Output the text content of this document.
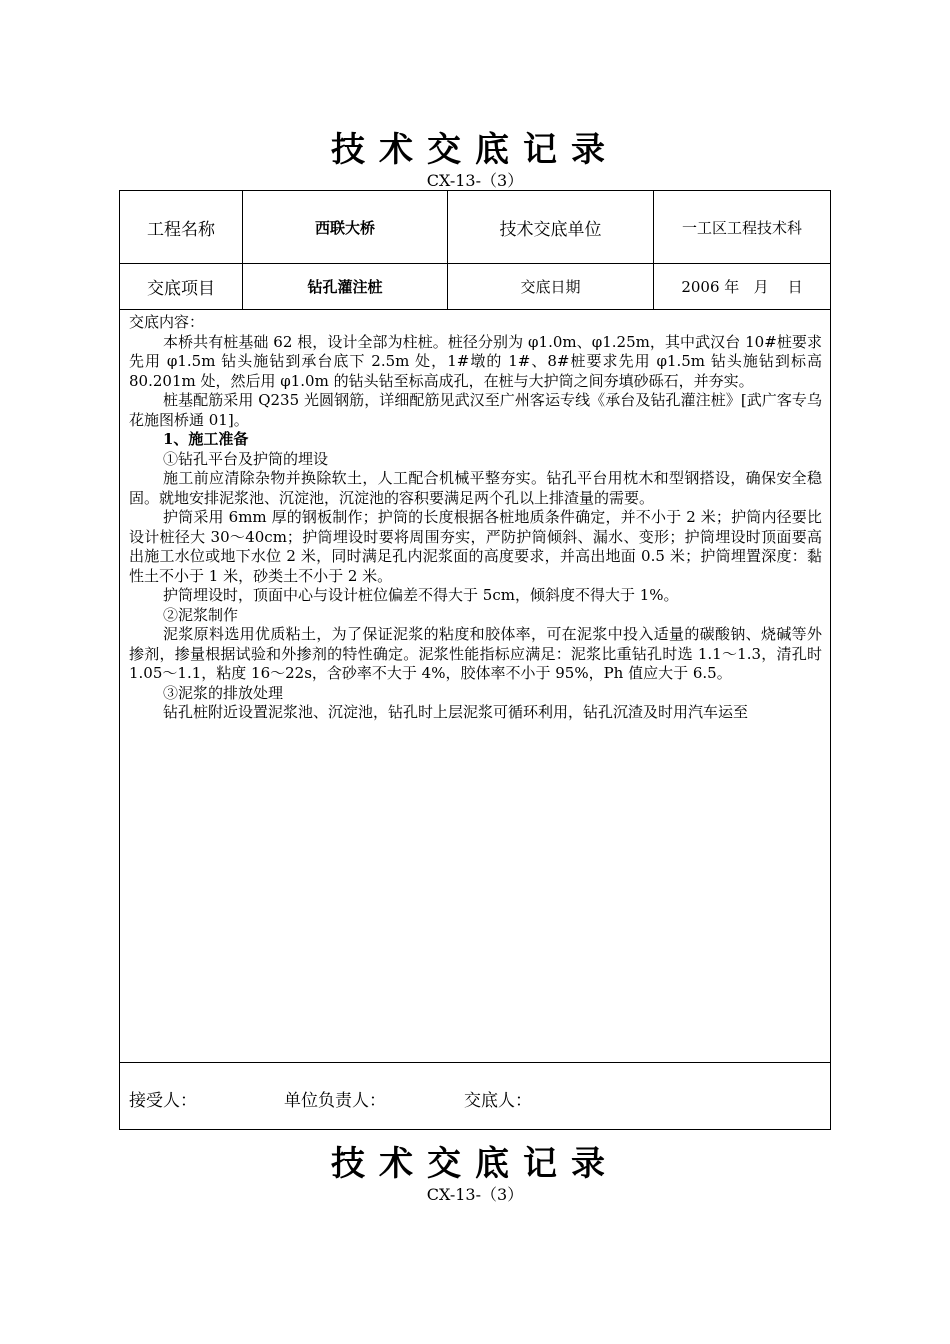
技术交底记录
CX-13-（3）
工程名称	西联大桥	技术交底单位	一工区工程技术科
交底项目	钻孔灌注桩	交底日期	2006 年   月    日

交底内容：

本桥共有桩基础 62 根，设计全部为柱桩。桩径分别为 φ1.0m、φ1.25m，其中武汉台 10#桩要求先用 φ1.5m 钻头施钻到承台底下 2.5m 处，1#墩的 1#、8#桩要求先用 φ1.5m 钻头施钻到标高 80.201m 处，然后用 φ1.0m 的钻头钻至标高成孔，在桩与大护筒之间夯填砂砾石，并夯实。

桩基配筋采用 Q235 光圆钢筋，详细配筋见武汉至广州客运专线《承台及钻孔灌注桩》[武广客专乌花施图桥通 01]。

1、施工准备

①钻孔平台及护筒的埋设

施工前应清除杂物并换除软土，人工配合机械平整夯实。钻孔平台用枕木和型钢搭设，确保安全稳固。就地安排泥浆池、沉淀池，沉淀池的容积要满足两个孔以上排渣量的需要。

护筒采用 6mm 厚的钢板制作；护筒的长度根据各桩地质条件确定，并不小于 2 米；护筒内径要比设计桩径大 30～40cm；护筒埋设时要将周围夯实，严防护筒倾斜、漏水、变形；护筒埋设时顶面要高出施工水位或地下水位 2 米，同时满足孔内泥浆面的高度要求，并高出地面 0.5 米；护筒埋置深度：黏性土不小于 1 米，砂类土不小于 2 米。

护筒埋设时，顶面中心与设计桩位偏差不得大于 5cm，倾斜度不得大于 1%。

②泥浆制作

泥浆原料选用优质粘土，为了保证泥浆的粘度和胶体率，可在泥浆中投入适量的碳酸钠、烧碱等外掺剂，掺量根据试验和外掺剂的特性确定。泥浆性能指标应满足：泥浆比重钻孔时选 1.1～1.3，清孔时 1.05～1.1，粘度 16～22s，含砂率不大于 4%，胶体率不小于 95%，Ph 值应大于 6.5。

③泥浆的排放处理

钻孔桩附近设置泥浆池、沉淀池，钻孔时上层泥浆可循环利用，钻孔沉渣及时用汽车运至

接受人：	单位负责人：	交底人：
技术交底记录
CX-13-（3）
